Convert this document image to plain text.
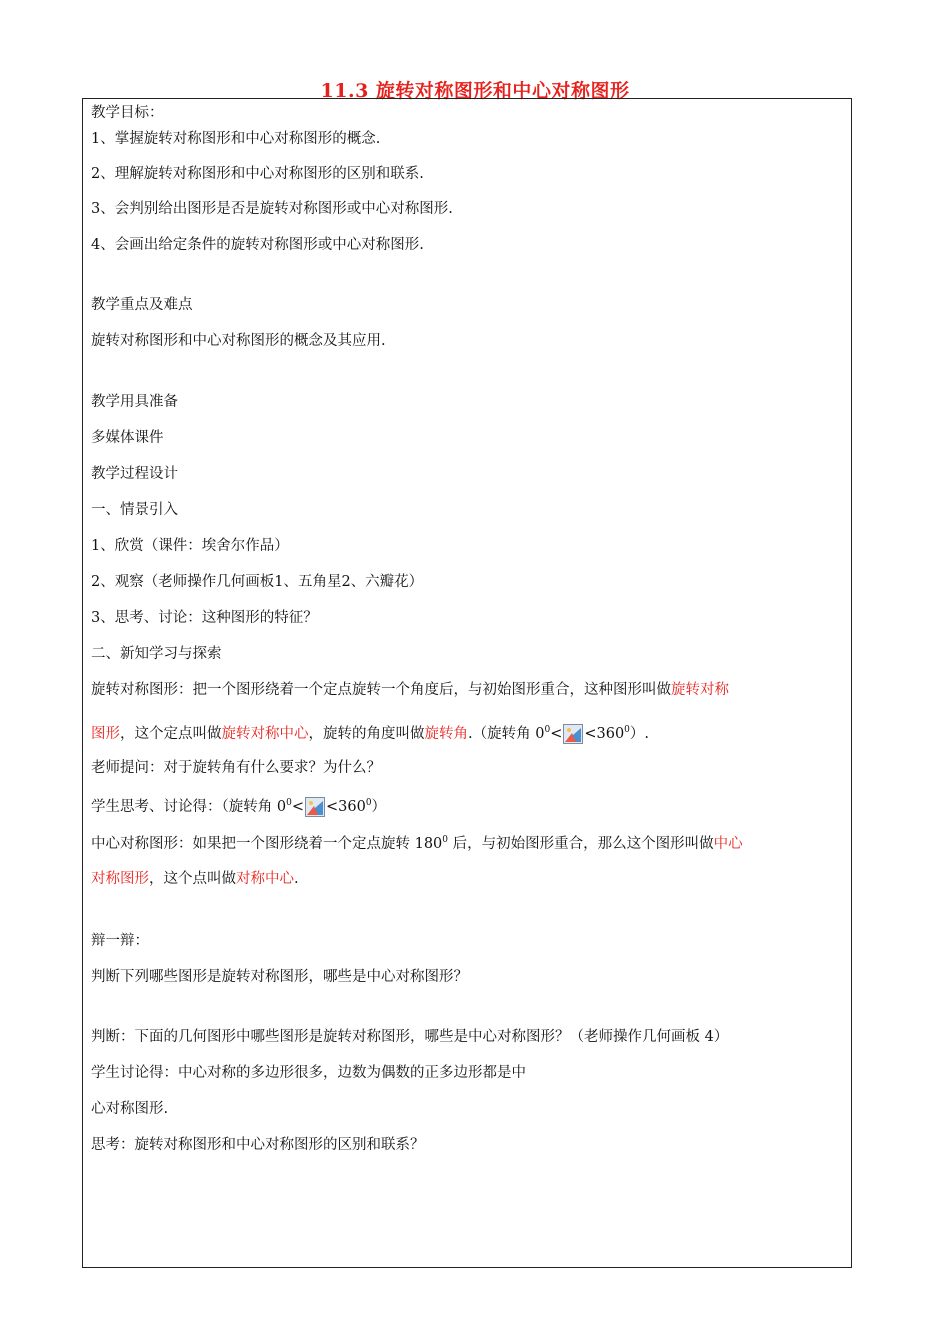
11.3 旋转对称图形和中心对称图形
教学目标：
1、掌握旋转对称图形和中心对称图形的概念.
2、理解旋转对称图形和中心对称图形的区别和联系.
3、会判别给出图形是否是旋转对称图形或中心对称图形.
4、会画出给定条件的旋转对称图形或中心对称图形.
教学重点及难点
旋转对称图形和中心对称图形的概念及其应用.
教学用具准备
多媒体课件
教学过程设计
一、情景引入
1、欣赏（课件：埃舍尔作品）
2、观察（老师操作几何画板1、五角星2、六瓣花）
3、思考、讨论：这种图形的特征？
二、新知学习与探索
旋转对称图形：把一个图形绕着一个定点旋转一个角度后，与初始图形重合，这种图形叫做旋转对称
图形，这个定点叫做旋转对称中心，旋转的角度叫做旋转角.（旋转角 $0^0< <360^0$）.
老师提问：对于旋转角有什么要求？为什么？
学生思考、讨论得：（旋转角 $0^0< <360^0$）
中心对称图形：如果把一个图形绕着一个定点旋转 $180^0$ 后，与初始图形重合，那么这个图形叫做中心
对称图形，这个点叫做对称中心.
辩一辩：
判断下列哪些图形是旋转对称图形，哪些是中心对称图形？
判断：下面的几何图形中哪些图形是旋转对称图形，哪些是中心对称图形？（老师操作几何画板 4）
学生讨论得：中心对称的多边形很多，边数为偶数的正多边形都是中
心对称图形.
思考：旋转对称图形和中心对称图形的区别和联系？
